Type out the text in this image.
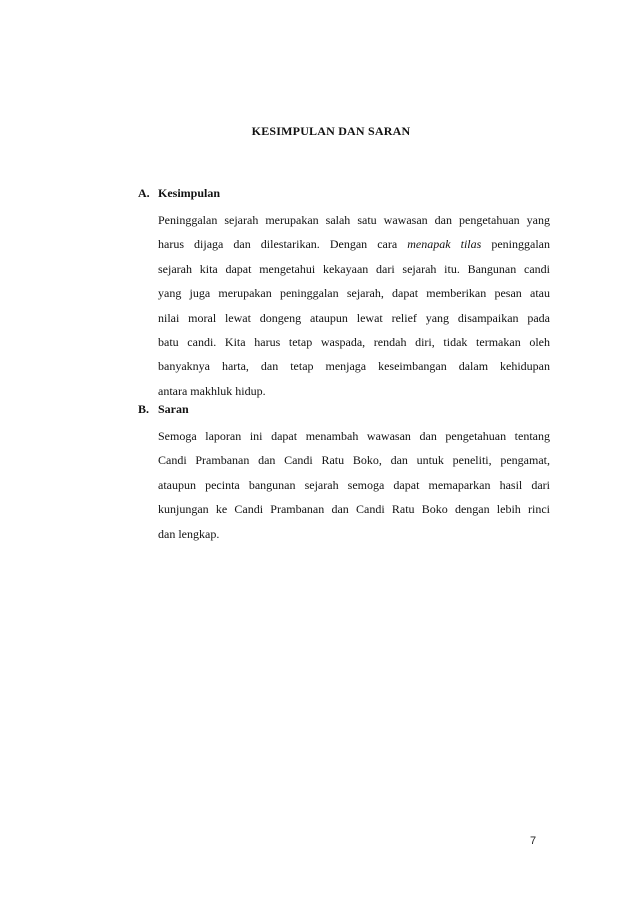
KESIMPULAN DAN SARAN
A. Kesimpulan
Peninggalan sejarah merupakan salah satu wawasan dan pengetahuan yang
harus dijaga dan dilestarikan. Dengan cara menapak tilas peninggalan
sejarah kita dapat mengetahui kekayaan dari sejarah itu. Bangunan candi
yang juga merupakan peninggalan sejarah, dapat memberikan pesan atau
nilai moral lewat dongeng ataupun lewat relief yang disampaikan pada
batu candi. Kita harus tetap waspada, rendah diri, tidak termakan oleh
banyaknya harta, dan tetap menjaga keseimbangan dalam kehidupan
antara makhluk hidup.
B. Saran
Semoga laporan ini dapat menambah wawasan dan pengetahuan tentang
Candi Prambanan dan Candi Ratu Boko, dan untuk peneliti, pengamat,
ataupun pecinta bangunan sejarah semoga dapat memaparkan hasil dari
kunjungan ke Candi Prambanan dan Candi Ratu Boko dengan lebih rinci
dan lengkap.
7
